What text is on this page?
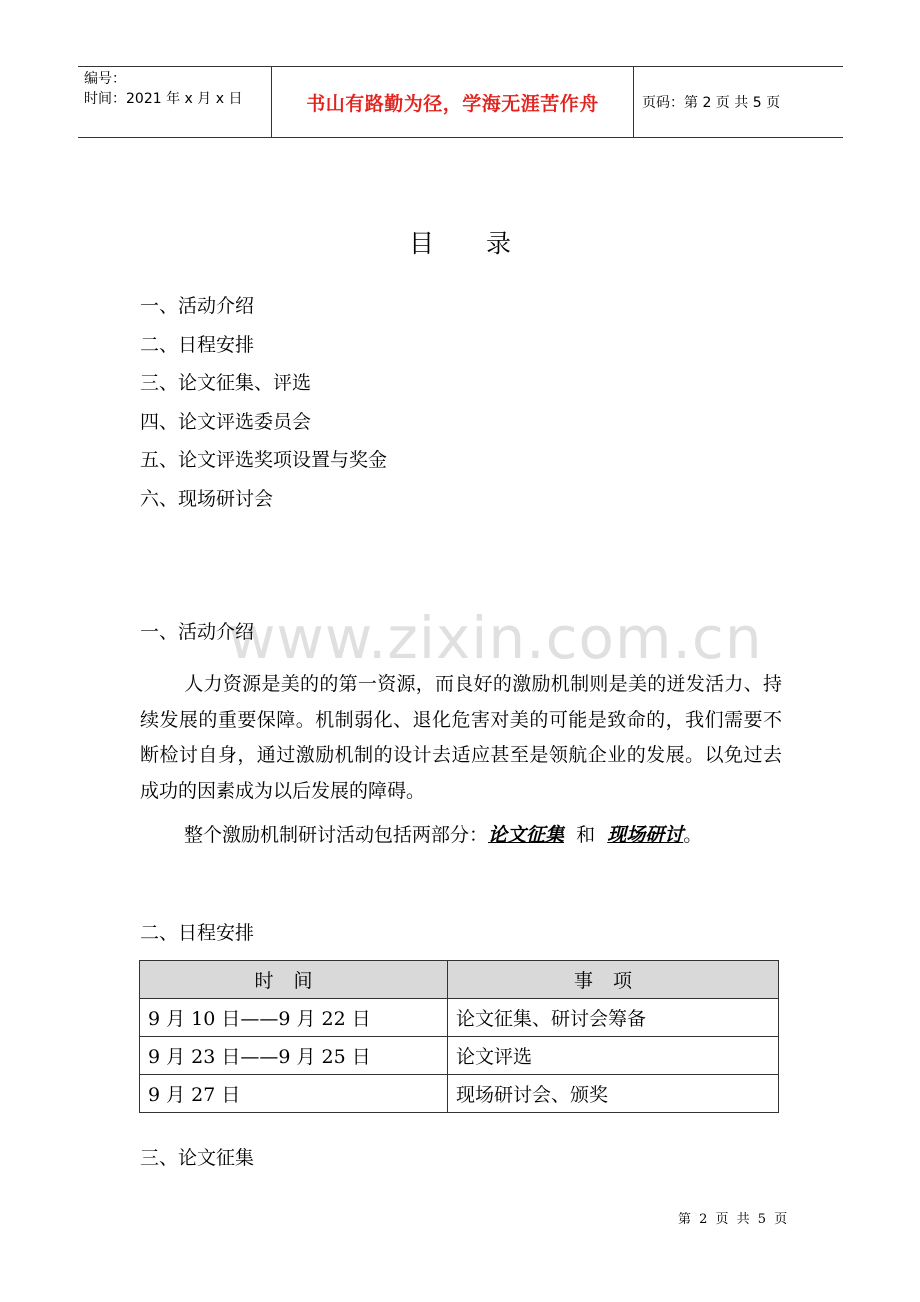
编号：
时间：2021 年 x 月 x 日	书山有路勤为径，学海无涯苦作舟	页码：第 2 页 共 5 页
目录
一、活动介绍
二、日程安排
三、论文征集、评选
四、论文评选委员会
五、论文评选奖项设置与奖金
六、现场研讨会
www.zixin.com.cn
一、活动介绍
人力资源是美的的第一资源，而良好的激励机制则是美的迸发活力、持续发展的重要保障。机制弱化、退化危害对美的可能是致命的，我们需要不断检讨自身，通过激励机制的设计去适应甚至是领航企业的发展。以免过去成功的因素成为以后发展的障碍。
整个激励机制研讨活动包括两部分：论文征集 和 现场研讨。
二、日程安排
时间	事项
9 月 10 日——9 月 22 日	论文征集、研讨会筹备
9 月 23 日——9 月 25 日	论文评选
9 月 27 日	现场研讨会、颁奖
三、论文征集
第 2 页 共 5 页
